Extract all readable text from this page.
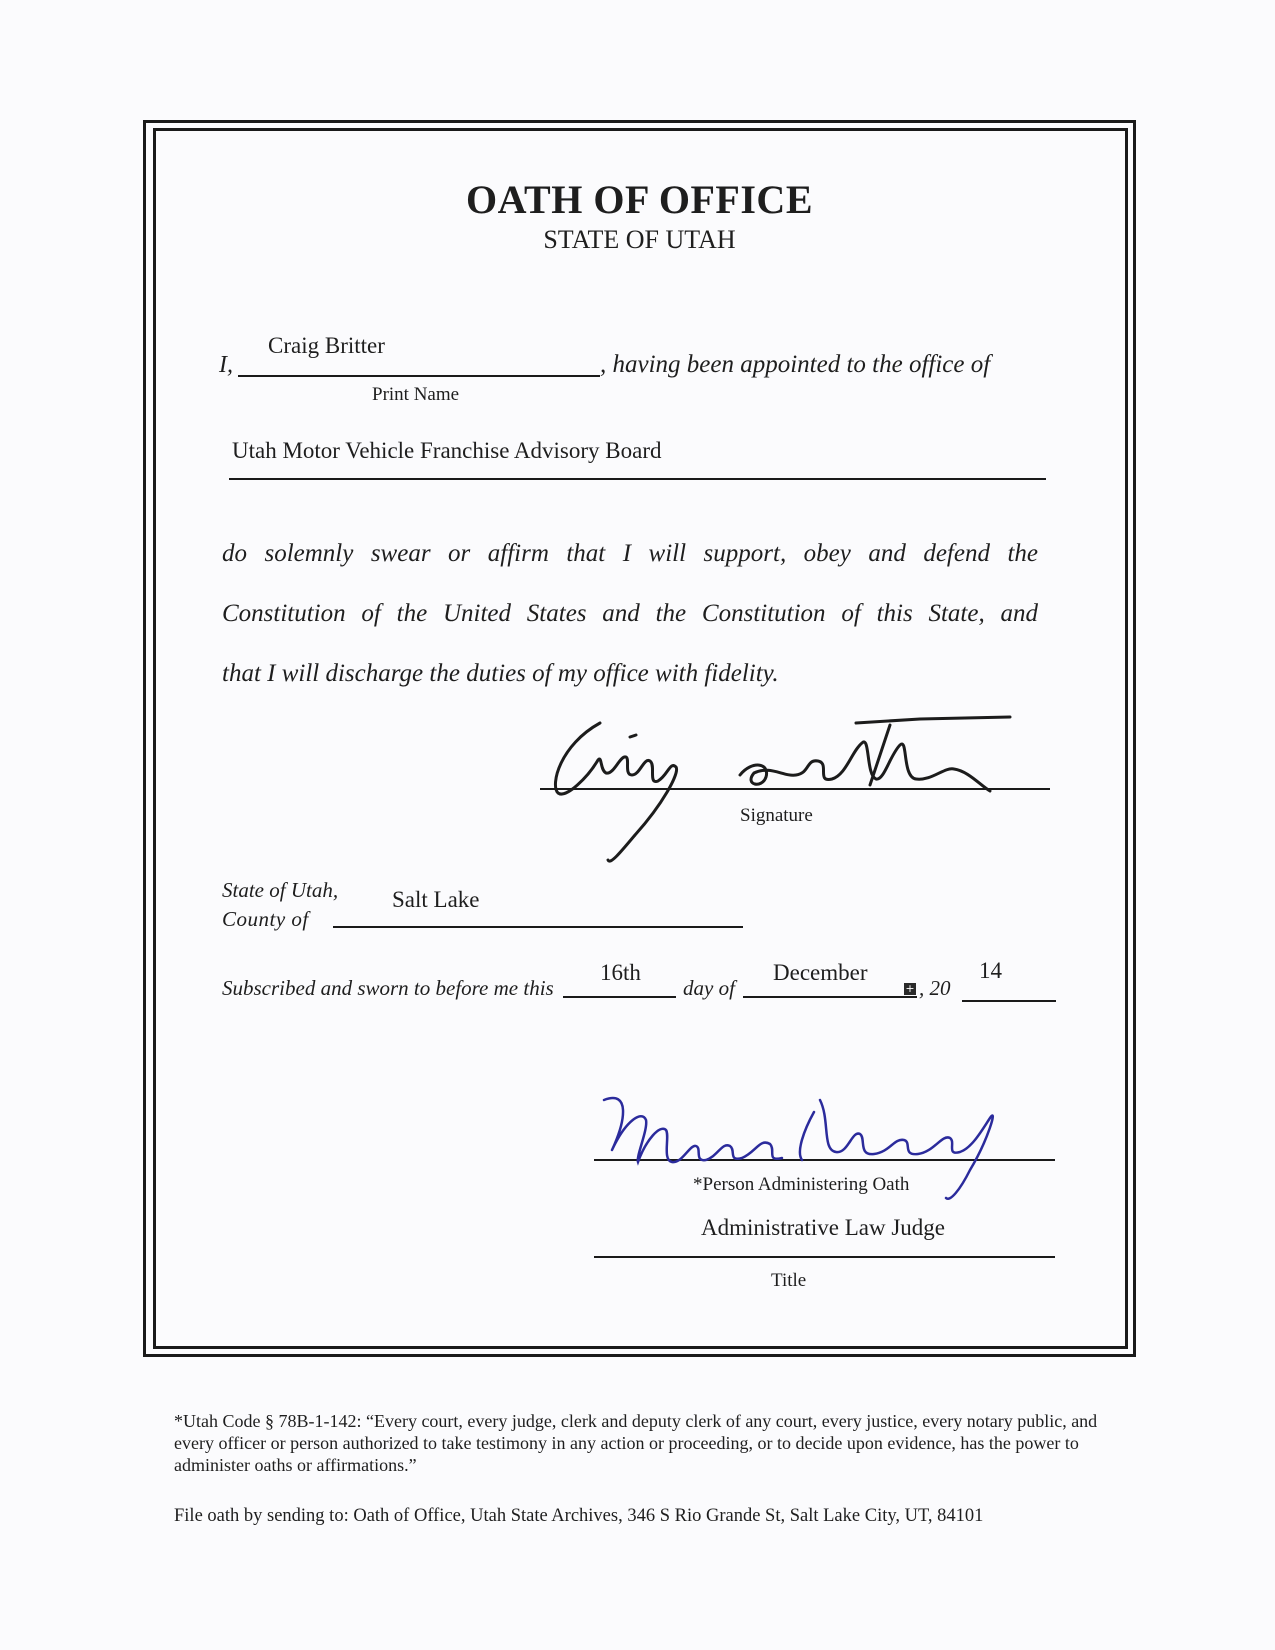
OATH OF OFFICE
STATE OF UTAH
I,
Craig Britter
, having been appointed to the office of
Print Name
Utah Motor Vehicle Franchise Advisory Board
do solemnly swear or affirm that I will support, obey and defend the
Constitution of the United States and the Constitution of this State, and
that I will discharge the duties of my office with fidelity.
Signature
State of Utah,
County of
Salt Lake
Subscribed and sworn to before me this
16th
day of
December
+ , 20
14
*Person Administering Oath
Administrative Law Judge
Title
*Utah Code § 78B-1-142: “Every court, every judge, clerk and deputy clerk of any court, every justice, every notary public, and every officer or person authorized to take testimony in any action or proceeding, or to decide upon evidence, has the power to administer oaths or affirmations.”
File oath by sending to: Oath of Office, Utah State Archives, 346 S Rio Grande St, Salt Lake City, UT, 84101
